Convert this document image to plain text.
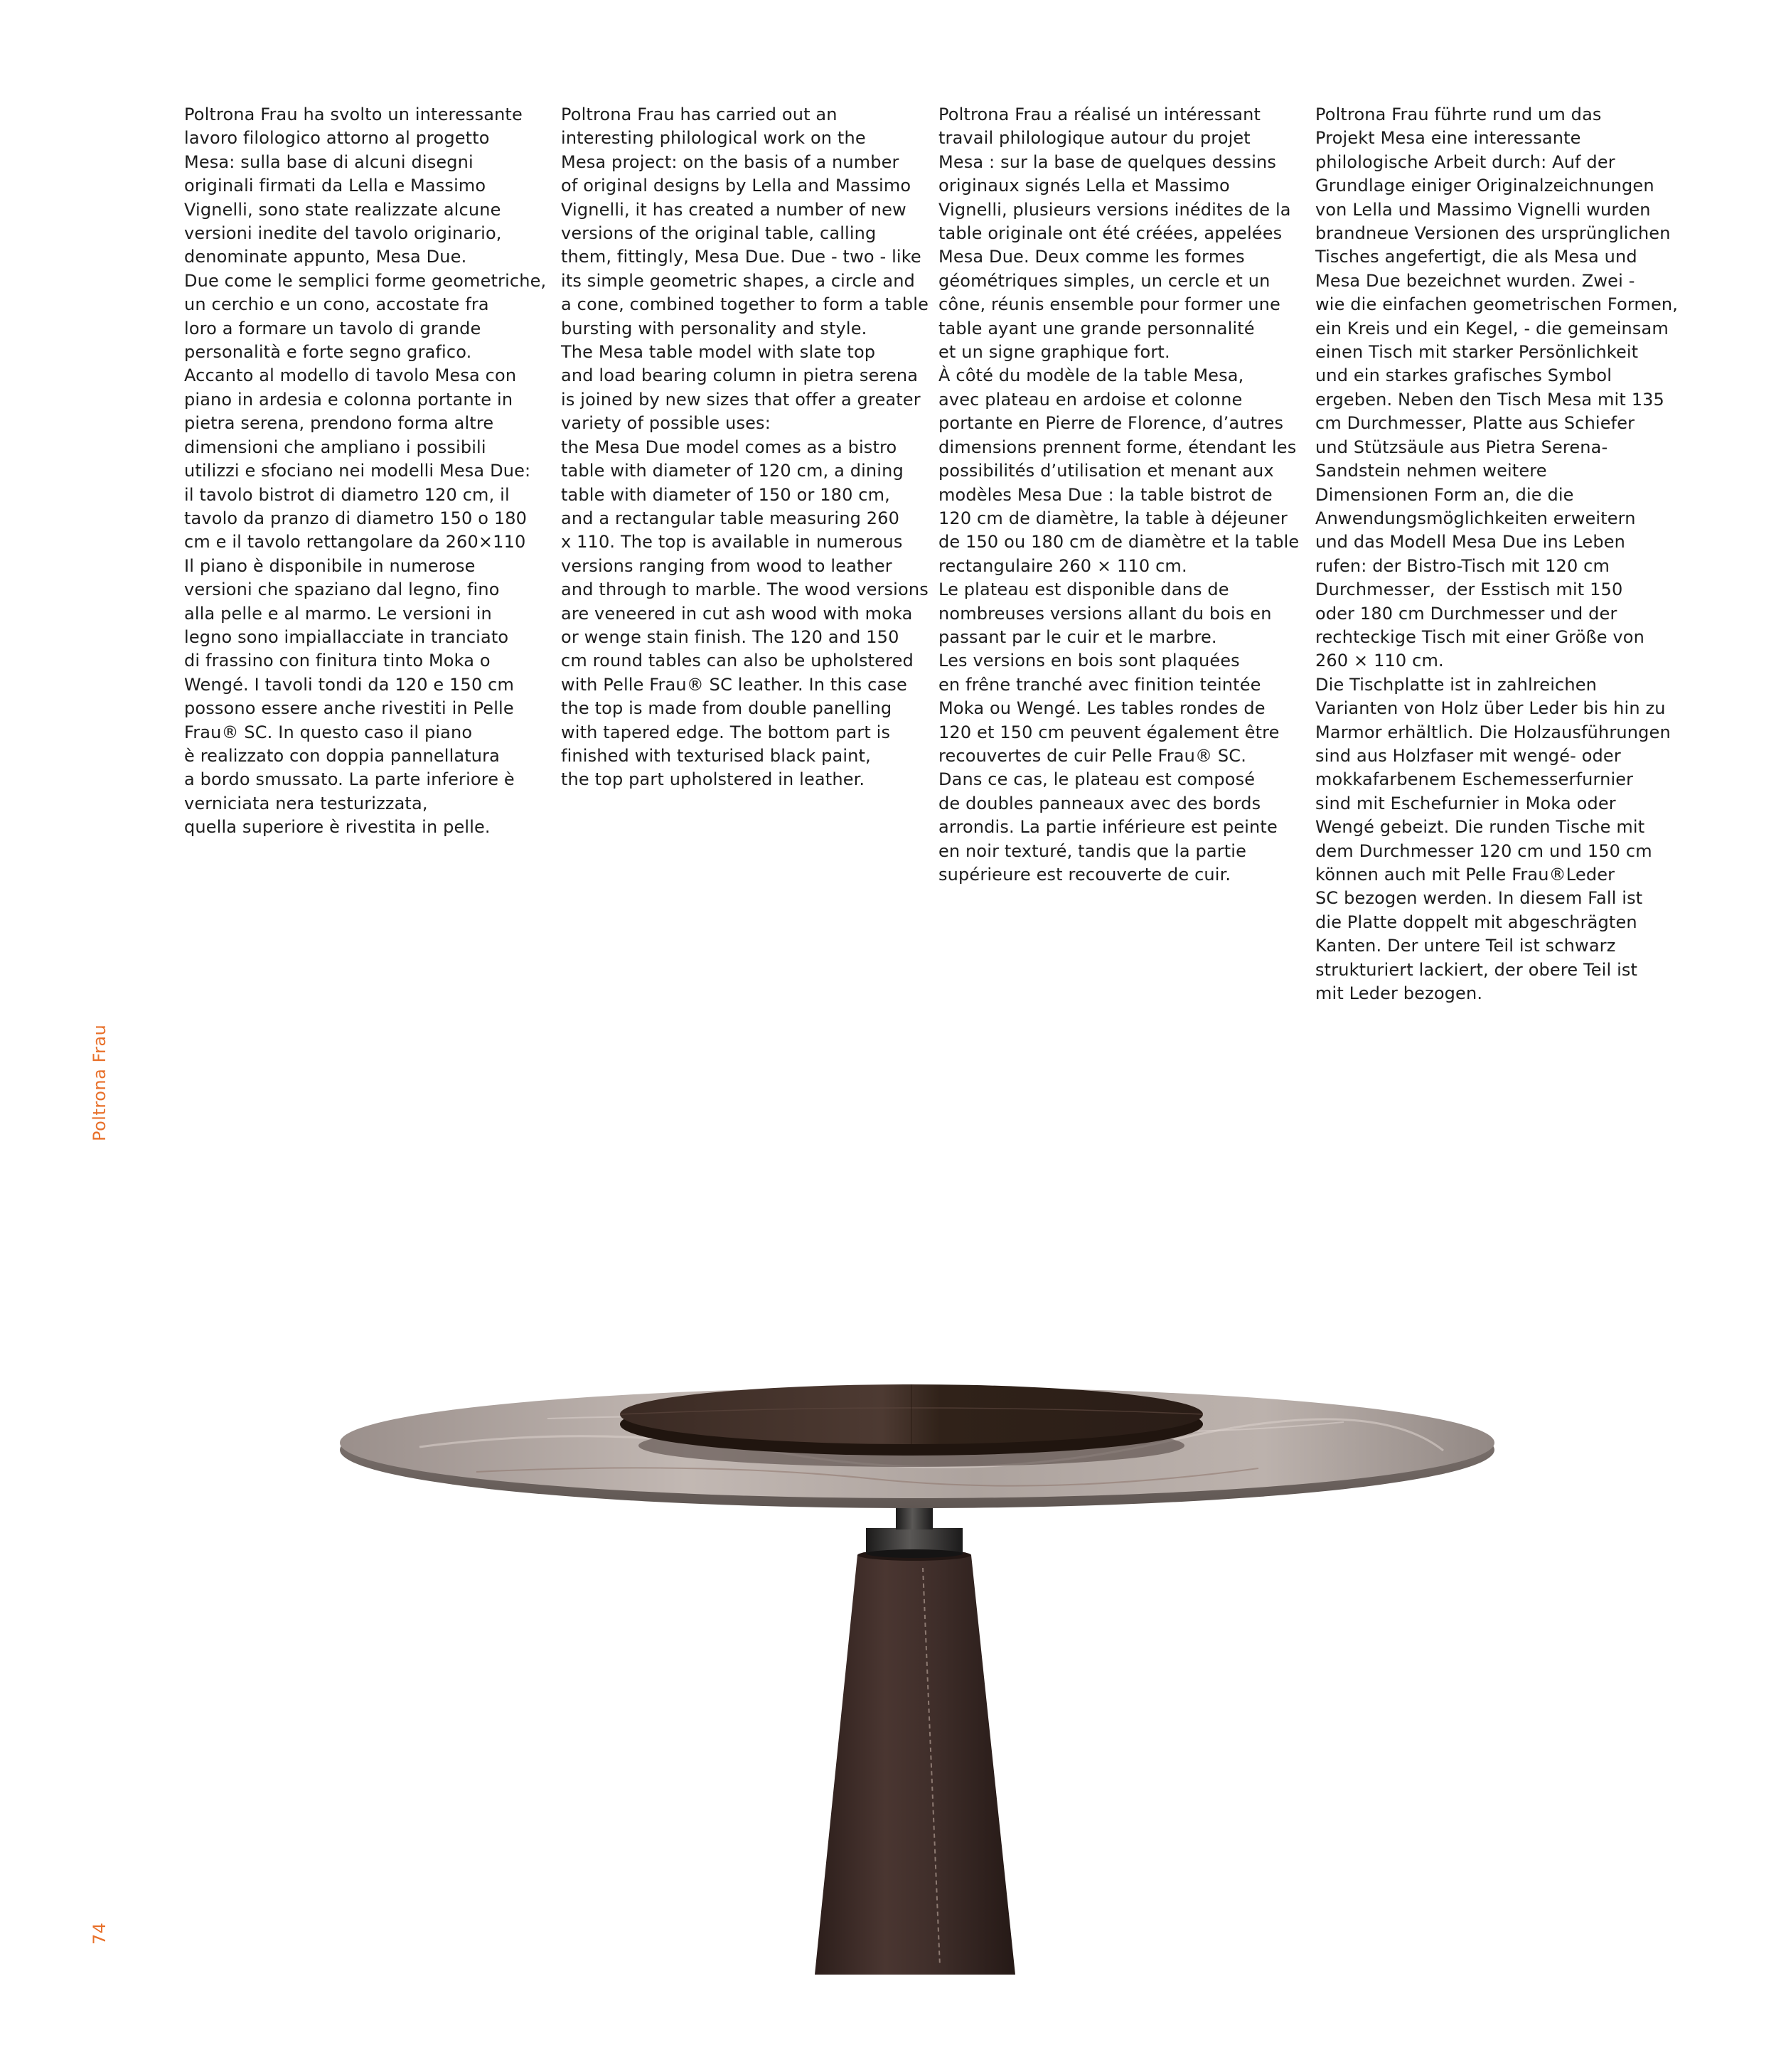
Poltrona Frau ha svolto un interessante
lavoro filologico attorno al progetto
Mesa: sulla base di alcuni disegni
originali firmati da Lella e Massimo
Vignelli, sono state realizzate alcune
versioni inedite del tavolo originario,
denominate appunto, Mesa Due.
Due come le semplici forme geometriche,
un cerchio e un cono, accostate fra
loro a formare un tavolo di grande
personalità e forte segno grafico.
Accanto al modello di tavolo Mesa con
piano in ardesia e colonna portante in
pietra serena, prendono forma altre
dimensioni che ampliano i possibili
utilizzi e sfociano nei modelli Mesa Due:
il tavolo bistrot di diametro 120 cm, il
tavolo da pranzo di diametro 150 o 180
cm e il tavolo rettangolare da 260×110
Il piano è disponibile in numerose
versioni che spaziano dal legno, fino
alla pelle e al marmo. Le versioni in
legno sono impiallacciate in tranciato
di frassino con finitura tinto Moka o
Wengé. I tavoli tondi da 120 e 150 cm
possono essere anche rivestiti in Pelle
Frau® SC. In questo caso il piano
è realizzato con doppia pannellatura
a bordo smussato. La parte inferiore è
verniciata nera testurizzata,
quella superiore è rivestita in pelle.
Poltrona Frau has carried out an
interesting philological work on the
Mesa project: on the basis of a number
of original designs by Lella and Massimo
Vignelli, it has created a number of new
versions of the original table, calling
them, fittingly, Mesa Due. Due - two - like
its simple geometric shapes, a circle and
a cone, combined together to form a table
bursting with personality and style.
The Mesa table model with slate top
and load bearing column in pietra serena
is joined by new sizes that offer a greater
variety of possible uses:
the Mesa Due model comes as a bistro
table with diameter of 120 cm, a dining
table with diameter of 150 or 180 cm,
and a rectangular table measuring 260
x 110. The top is available in numerous
versions ranging from wood to leather
and through to marble. The wood versions
are veneered in cut ash wood with moka
or wenge stain finish. The 120 and 150
cm round tables can also be upholstered
with Pelle Frau® SC leather. In this case
the top is made from double panelling
with tapered edge. The bottom part is
finished with texturised black paint,
the top part upholstered in leather.
Poltrona Frau a réalisé un intéressant
travail philologique autour du projet
Mesa : sur la base de quelques dessins
originaux signés Lella et Massimo
Vignelli, plusieurs versions inédites de la
table originale ont été créées, appelées
Mesa Due. Deux comme les formes
géométriques simples, un cercle et un
cône, réunis ensemble pour former une
table ayant une grande personnalité
et un signe graphique fort.
À côté du modèle de la table Mesa,
avec plateau en ardoise et colonne
portante en Pierre de Florence, d’autres
dimensions prennent forme, étendant les
possibilités d’utilisation et menant aux
modèles Mesa Due : la table bistrot de
120 cm de diamètre, la table à déjeuner
de 150 ou 180 cm de diamètre et la table
rectangulaire 260 × 110 cm.
Le plateau est disponible dans de
nombreuses versions allant du bois en
passant par le cuir et le marbre.
Les versions en bois sont plaquées
en frêne tranché avec finition teintée
Moka ou Wengé. Les tables rondes de
120 et 150 cm peuvent également être
recouvertes de cuir Pelle Frau® SC.
Dans ce cas, le plateau est composé
de doubles panneaux avec des bords
arrondis. La partie inférieure est peinte
en noir texturé, tandis que la partie
supérieure est recouverte de cuir.
Poltrona Frau führte rund um das
Projekt Mesa eine interessante
philologische Arbeit durch: Auf der
Grundlage einiger Originalzeichnungen
von Lella und Massimo Vignelli wurden
brandneue Versionen des ursprünglichen
Tisches angefertigt, die als Mesa und
Mesa Due bezeichnet wurden. Zwei -
wie die einfachen geometrischen Formen,
ein Kreis und ein Kegel, - die gemeinsam
einen Tisch mit starker Persönlichkeit
und ein starkes grafisches Symbol
ergeben. Neben den Tisch Mesa mit 135
cm Durchmesser, Platte aus Schiefer
und Stützsäule aus Pietra Serena-
Sandstein nehmen weitere
Dimensionen Form an, die die
Anwendungsmöglichkeiten erweitern
und das Modell Mesa Due ins Leben
rufen: der Bistro-Tisch mit 120 cm
Durchmesser,  der Esstisch mit 150
oder 180 cm Durchmesser und der
rechteckige Tisch mit einer Größe von
260 × 110 cm.
Die Tischplatte ist in zahlreichen
Varianten von Holz über Leder bis hin zu
Marmor erhältlich. Die Holzausführungen
sind aus Holzfaser mit wengé- oder
mokkafarbenem Eschemesserfurnier
sind mit Eschefurnier in Moka oder
Wengé gebeizt. Die runden Tische mit
dem Durchmesser 120 cm und 150 cm
können auch mit Pelle Frau®Leder
SC bezogen werden. In diesem Fall ist
die Platte doppelt mit abgeschrägten
Kanten. Der untere Teil ist schwarz
strukturiert lackiert, der obere Teil ist
mit Leder bezogen.
Poltrona Frau
74
